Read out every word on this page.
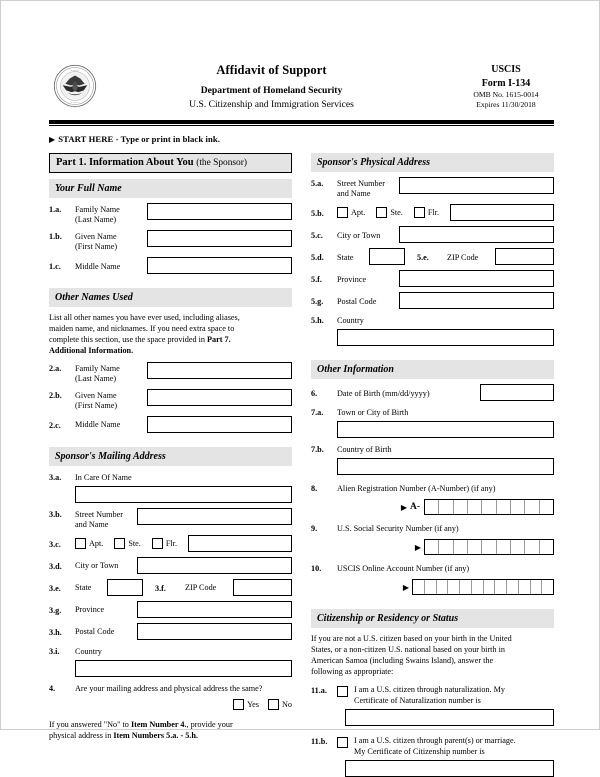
• • • • •
• • • • •
Affidavit of Support
Department of Homeland Security
U.S. Citizenship and Immigration Services
USCIS
Form I-134
OMB No. 1615-0014
Expires 11/30/2018
▶ START HERE - Type or print in black ink.
Part 1. Information About You (the Sponsor)
Your Full Name
1.a.	Family Name
(Last Name)
1.b.	Given Name
(First Name)
1.c.	Middle Name
Other Names Used
List all other names you have ever used, including aliases,
maiden name, and nicknames. If you need extra space to
complete this section, use the space provided in Part 7.
Additional Information.
2.a.	Family Name
(Last Name)
2.b.	Given Name
(First Name)
2.c.	Middle Name
Sponsor's Mailing Address
3.a.	In Care Of Name
3.b.	Street Number
and Name
3.c.	Apt.	Ste.	Flr.
3.d.	City or Town
3.e.	State	3.f.	ZIP Code
3.g.	Province
3.h.	Postal Code
3.i.	Country
4.	Are your mailing address and physical address the same?
Yes	No
If you answered "No" to Item Number 4., provide your
physical address in Item Numbers 5.a. - 5.h.
Sponsor's Physical Address
5.a.	Street Number
and Name
5.b.	Apt.	Ste.	Flr.
5.c.	City or Town
5.d.	State	5.e.	ZIP Code
5.f.	Province
5.g.	Postal Code
5.h.	Country
Other Information
6.	Date of Birth (mm/dd/yyyy)
7.a.	Town or City of Birth
7.b.	Country of Birth
8.	Alien Registration Number (A-Number) (if any)
▶ A-
9.	U.S. Social Security Number (if any)
▶
10.	USCIS Online Account Number (if any)
▶
Citizenship or Residency or Status
If you are not a U.S. citizen based on your birth in the United
States, or a non-citizen U.S. national based on your birth in
American Samoa (including Swains Island), answer the
following as appropriate:
11.a.	I am a U.S. citizen through naturalization. My
Certificate of Naturalization number is
11.b.	I am a U.S. citizen through parent(s) or marriage.
My Certificate of Citizenship number is
